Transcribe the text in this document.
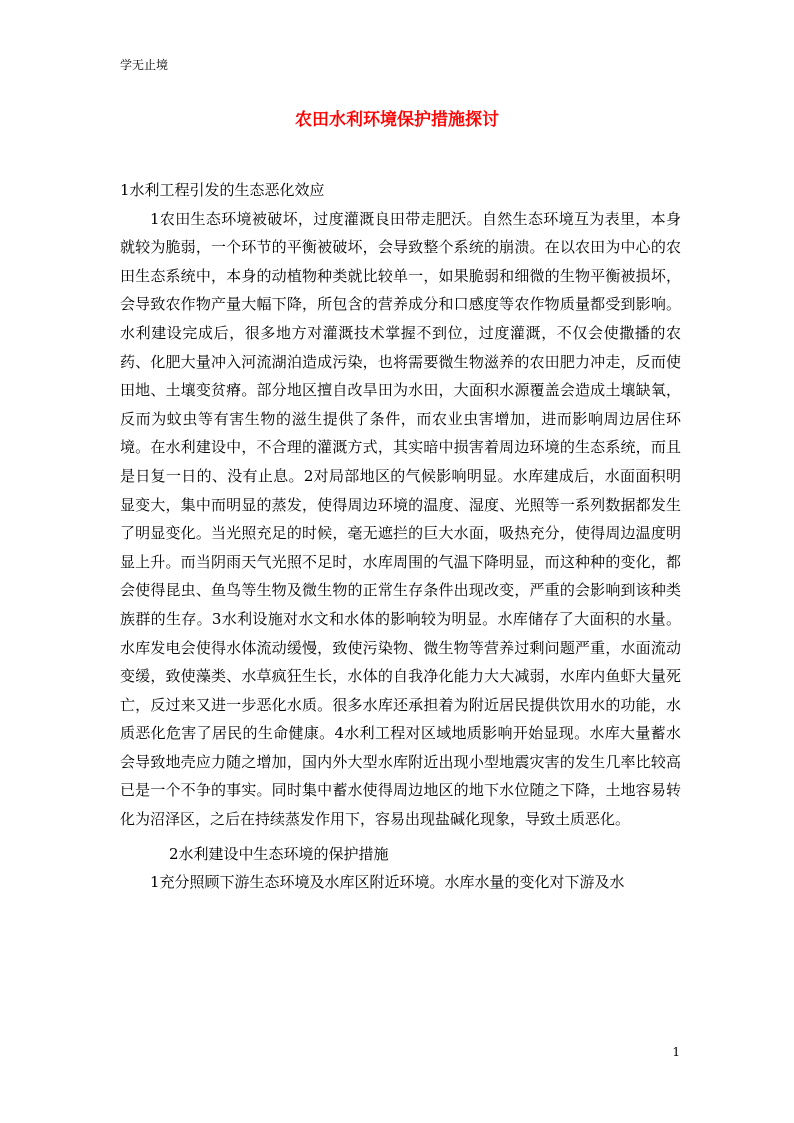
学无止境
农田水利环境保护措施探讨

1水利工程引发的生态恶化效应

1农田生态环境被破坏，过度灌溉良田带走肥沃。自然生态环境互为表里，本身就较为脆弱，一个环节的平衡被破坏，会导致整个系统的崩溃。在以农田为中心的农田生态系统中，本身的动植物种类就比较单一，如果脆弱和细微的生物平衡被损坏，会导致农作物产量大幅下降，所包含的营养成分和口感度等农作物质量都受到影响。水利建设完成后，很多地方对灌溉技术掌握不到位，过度灌溉，不仅会使撒播的农药、化肥大量冲入河流湖泊造成污染，也将需要微生物滋养的农田肥力冲走，反而使田地、土壤变贫瘠。部分地区擅自改旱田为水田，大面积水源覆盖会造成土壤缺氧，反而为蚊虫等有害生物的滋生提供了条件，而农业虫害增加，进而影响周边居住环境。在水利建设中，不合理的灌溉方式，其实暗中损害着周边环境的生态系统，而且是日复一日的、没有止息。2对局部地区的气候影响明显。水库建成后，水面面积明显变大，集中而明显的蒸发，使得周边环境的温度、湿度、光照等一系列数据都发生了明显变化。当光照充足的时候，毫无遮拦的巨大水面，吸热充分，使得周边温度明显上升。而当阴雨天气光照不足时，水库周围的气温下降明显，而这种种的变化，都会使得昆虫、鱼鸟等生物及微生物的正常生存条件出现改变，严重的会影响到该种类族群的生存。3水利设施对水文和水体的影响较为明显。水库储存了大面积的水量。水库发电会使得水体流动缓慢，致使污染物、微生物等营养过剩问题严重，水面流动变缓，致使藻类、水草疯狂生长，水体的自我净化能力大大减弱，水库内鱼虾大量死亡，反过来又进一步恶化水质。很多水库还承担着为附近居民提供饮用水的功能，水质恶化危害了居民的生命健康。4水利工程对区域地质影响开始显现。水库大量蓄水会导致地壳应力随之增加，国内外大型水库附近出现小型地震灾害的发生几率比较高已是一个不争的事实。同时集中蓄水使得周边地区的地下水位随之下降，土地容易转化为沼泽区，之后在持续蒸发作用下，容易出现盐碱化现象，导致土质恶化。

2水利建设中生态环境的保护措施

1充分照顾下游生态环境及水库区附近环境。水库水量的变化对下游及水

1
